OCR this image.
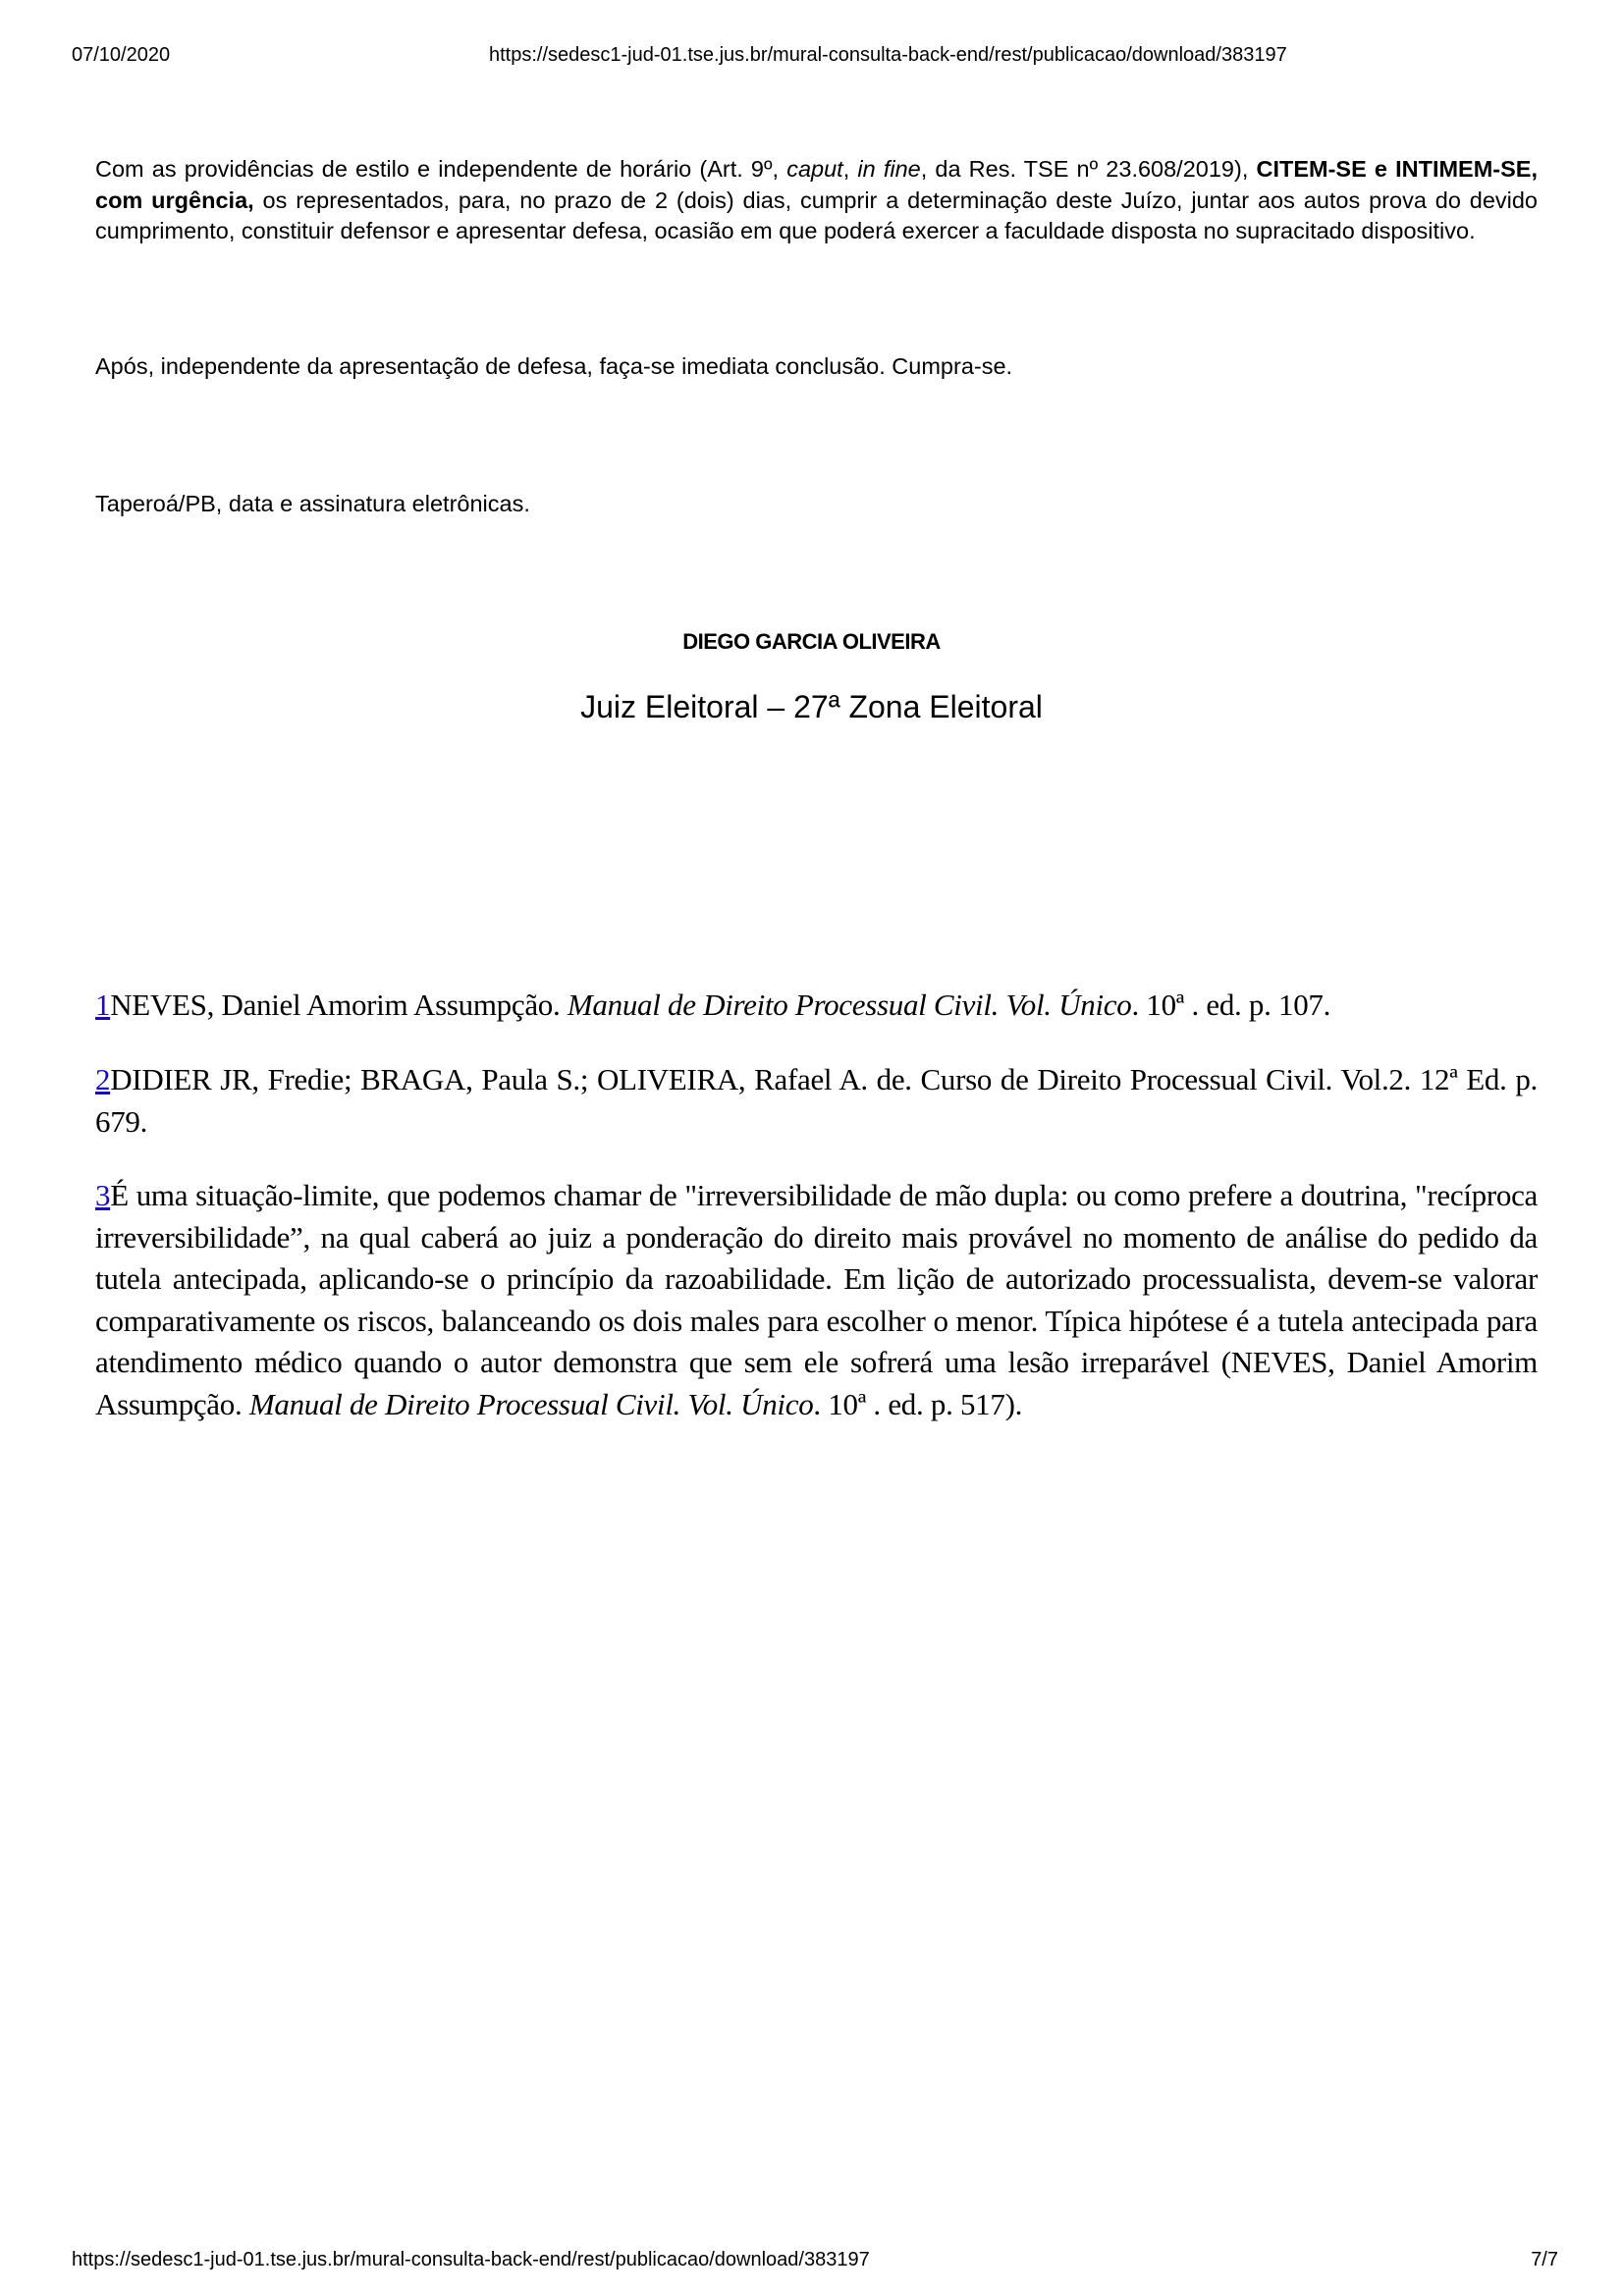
07/10/2020	https://sedesc1-jud-01.tse.jus.br/mural-consulta-back-end/rest/publicacao/download/383197

Com as providências de estilo e independente de horário (Art. 9º, caput, in fine, da Res. TSE nº 23.608/2019), CITEM-SE e INTIMEM-SE, com urgência, os representados, para, no prazo de 2 (dois) dias, cumprir a determinação deste Juízo, juntar aos autos prova do devido cumprimento, constituir defensor e apresentar defesa, ocasião em que poderá exercer a faculdade disposta no supracitado dispositivo.

Após, independente da apresentação de defesa, faça-se imediata conclusão. Cumpra-se.

Taperoá/PB, data e assinatura eletrônicas.

DIEGO GARCIA OLIVEIRA
Juiz Eleitoral – 27ª Zona Eleitoral

1NEVES, Daniel Amorim Assumpção. Manual de Direito Processual Civil. Vol. Único. 10ª . ed. p. 107.

2DIDIER JR, Fredie; BRAGA, Paula S.; OLIVEIRA, Rafael A. de. Curso de Direito Processual Civil. Vol.2. 12ª Ed. p. 679.

3É uma situação-limite, que podemos chamar de "irreversibilidade de mão dupla: ou como prefere a doutrina, "recíproca irreversibilidade”, na qual caberá ao juiz a ponderação do direito mais provável no momento de análise do pedido da tutela antecipada, aplicando-se o princípio da razoabilidade. Em lição de autorizado processualista, devem-se valorar comparativamente os riscos, balanceando os dois males para escolher o menor. Típica hipótese é a tutela antecipada para atendimento médico quando o autor demonstra que sem ele sofrerá uma lesão irreparável (NEVES, Daniel Amorim Assumpção. Manual de Direito Processual Civil. Vol. Único. 10ª . ed. p. 517).

https://sedesc1-jud-01.tse.jus.br/mural-consulta-back-end/rest/publicacao/download/383197	7/7
